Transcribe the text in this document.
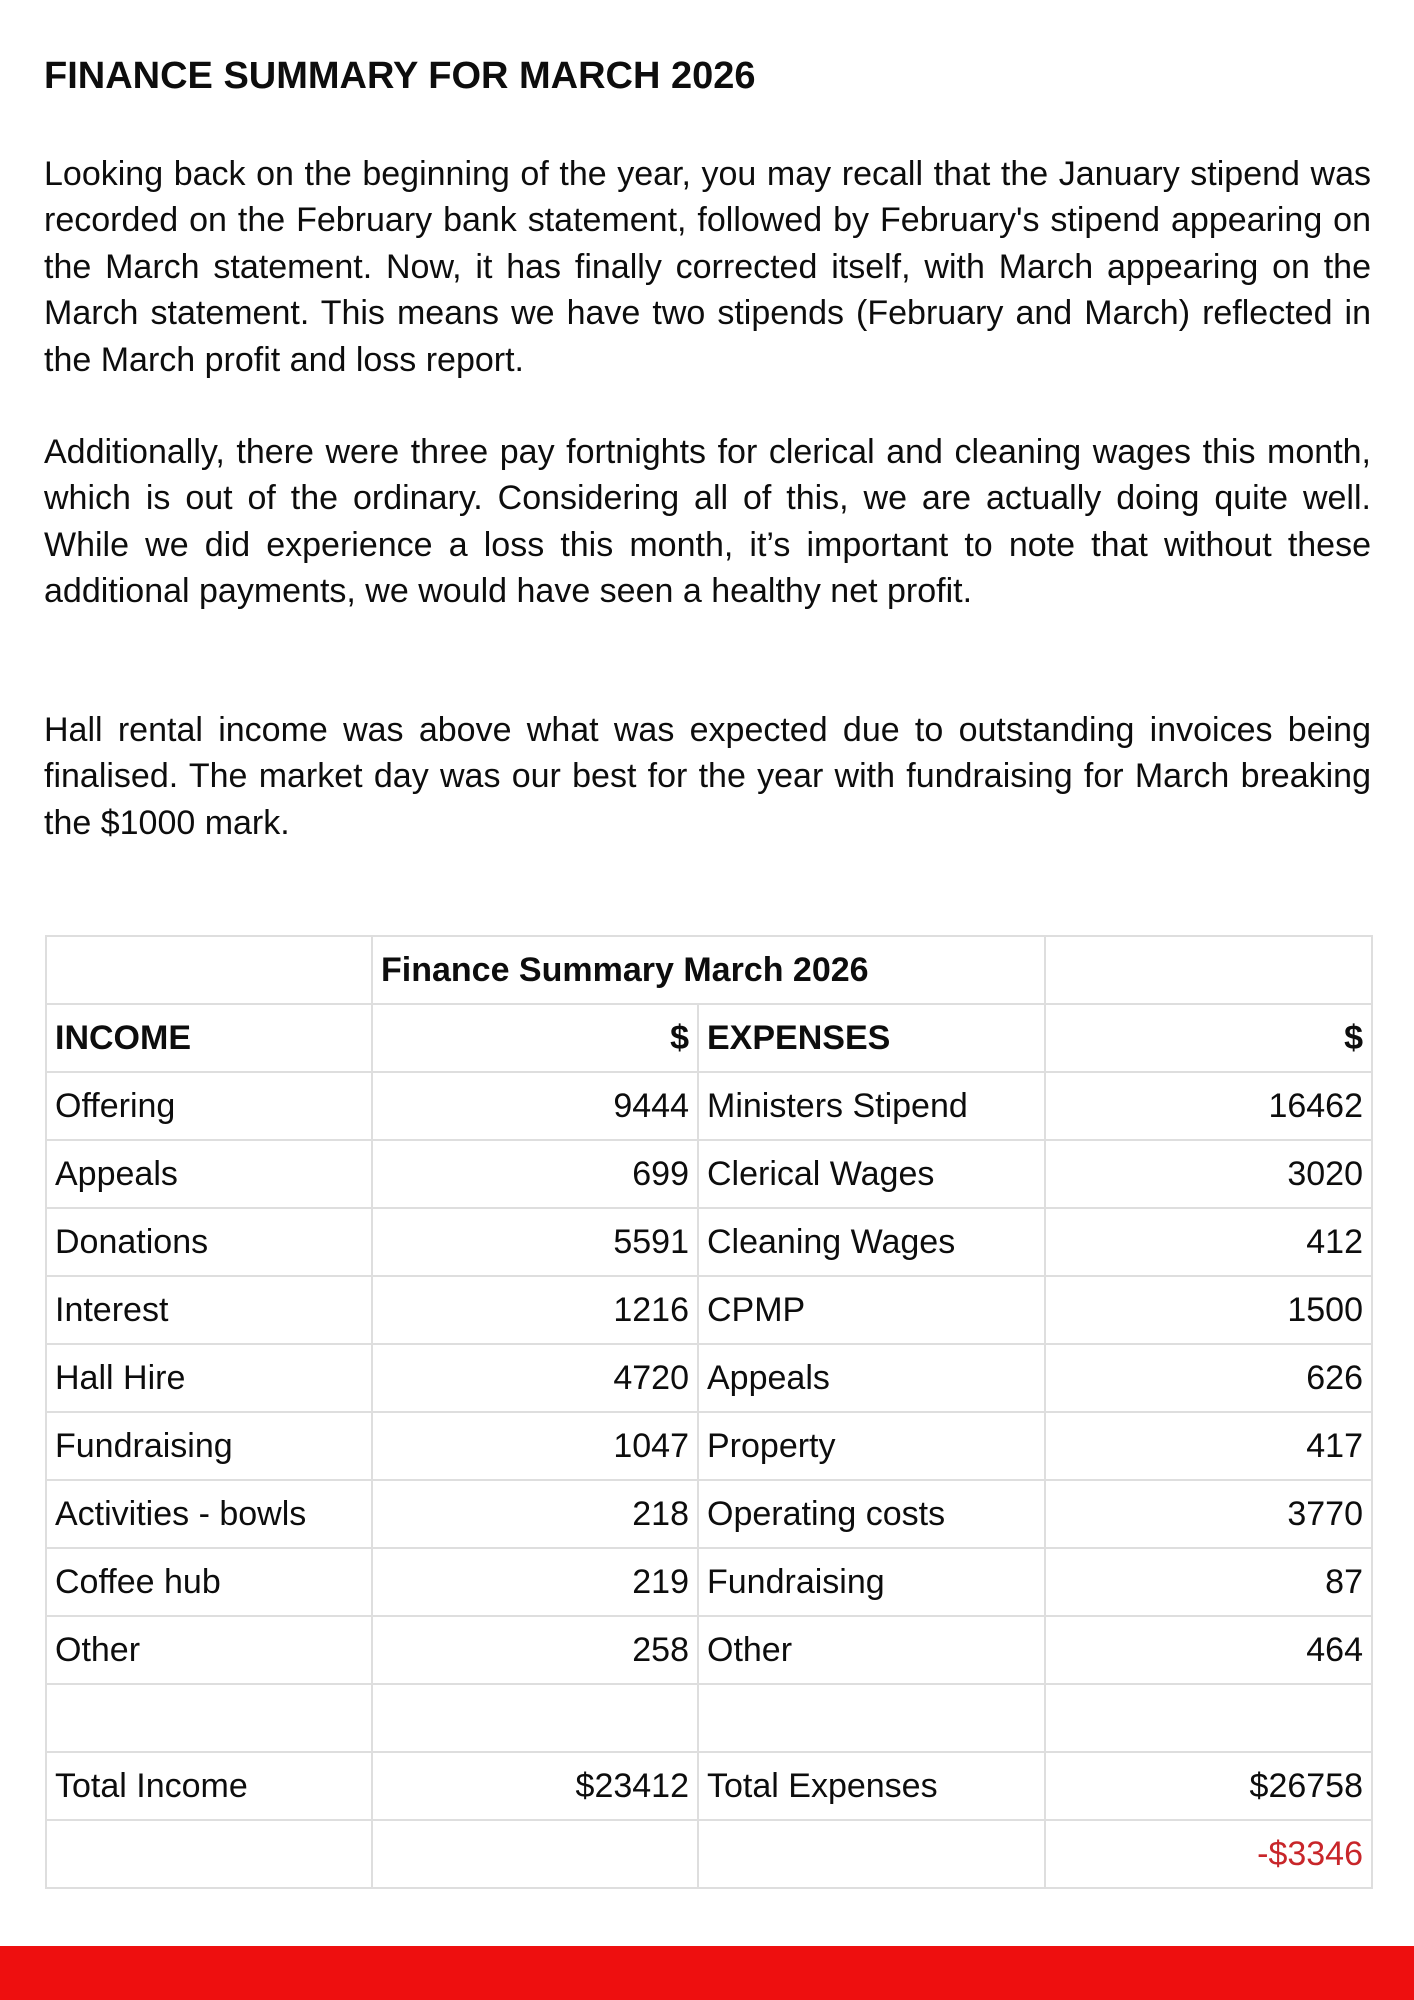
FINANCE SUMMARY FOR MARCH 2026

Looking back on the beginning of the year, you may recall that the January stipend was recorded on the February bank statement, followed by February's stipend appearing on the March statement. Now, it has finally corrected itself, with March appearing on the March statement. This means we have two stipends (February and March) reflected in the March profit and loss report.

Additionally, there were three pay fortnights for clerical and cleaning wages this month, which is out of the ordinary. Considering all of this, we are actually doing quite well. While we did experience a loss this month, it’s important to note that without these additional payments, we would have seen a healthy net profit.

Hall rental income was above what was expected due to outstanding invoices being finalised. The market day was our best for the year with fundraising for March breaking the $1000 mark.

	Finance Summary March 2026		
INCOME	$	EXPENSES	$
Offering	9444	Ministers Stipend	16462
Appeals	699	Clerical Wages	3020
Donations	5591	Cleaning Wages	412
Interest	1216	CPMP	1500
Hall Hire	4720	Appeals	626
Fundraising	1047	Property	417
Activities - bowls	218	Operating costs	3770
Coffee hub	219	Fundraising	87
Other	258	Other	464

Total Income	$23412	Total Expenses	$26758
			-$3346
